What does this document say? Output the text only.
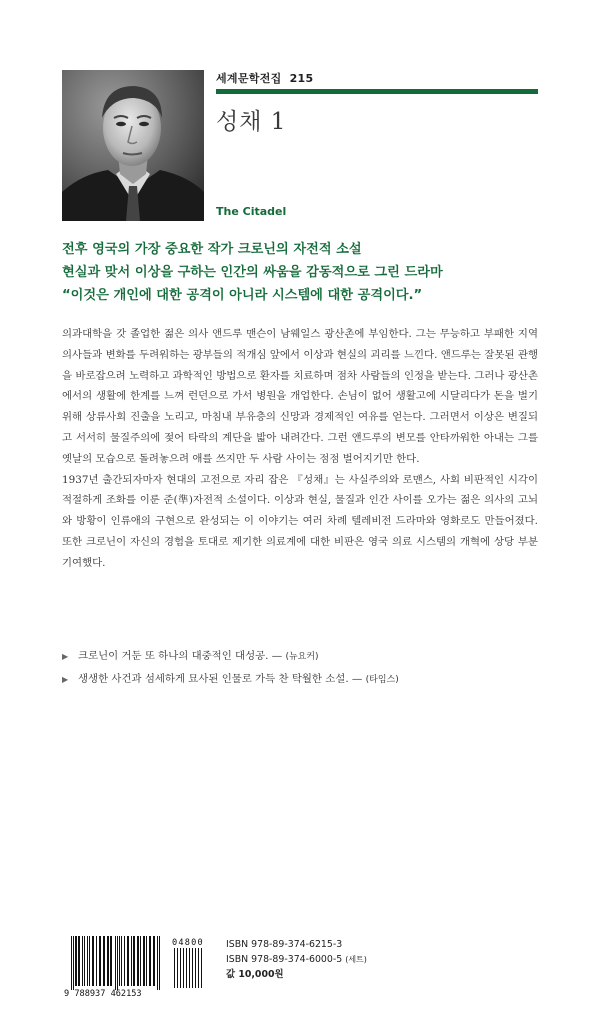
세계문학전집 215
성채 1
The Citadel
전후 영국의 가장 중요한 작가 크로닌의 자전적 소설
현실과 맞서 이상을 구하는 인간의 싸움을 감동적으로 그린 드라마
“이것은 개인에 대한 공격이 아니라 시스템에 대한 공격이다.”

의과대학을 갓 졸업한 젊은 의사 앤드루 맨슨이 남웨일스 광산촌에 부임한다. 그는 무능하고 부패한 지역 의사들과 변화를 두려워하는 광부들의 적개심 앞에서 이상과 현실의 괴리를 느낀다. 앤드루는 잘못된 관행을 바로잡으려 노력하고 과학적인 방법으로 환자를 치료하며 점차 사람들의 인정을 받는다. 그러나 광산촌에서의 생활에 한계를 느껴 런던으로 가서 병원을 개업한다. 손님이 없어 생활고에 시달리다가 돈을 벌기 위해 상류사회 진출을 노리고, 마침내 부유층의 신망과 경제적인 여유를 얻는다. 그러면서 이상은 변질되고 서서히 물질주의에 젖어 타락의 계단을 밟아 내려간다. 그런 앤드루의 변모를 안타까워한 아내는 그를 옛날의 모습으로 돌려놓으려 애를 쓰지만 두 사람 사이는 점점 벌어지기만 한다.

1937년 출간되자마자 현대의 고전으로 자리 잡은 『성채』는 사실주의와 로맨스, 사회 비판적인 시각이 적절하게 조화를 이룬 준(準)자전적 소설이다. 이상과 현실, 물질과 인간 사이를 오가는 젊은 의사의 고뇌와 방황이 인류애의 구현으로 완성되는 이 이야기는 여러 차례 텔레비전 드라마와 영화로도 만들어졌다. 또한 크로닌이 자신의 경험을 토대로 제기한 의료계에 대한 비판은 영국 의료 시스템의 개혁에 상당 부분 기여했다.

▶ 크로닌이 거둔 또 하나의 대중적인 대성공. — (뉴요커)
▶ 생생한 사건과 섬세하게 묘사된 인물로 가득 찬 탁월한 소설. — (타임스)
9 788937 462153
04800 ISBN 978-89-374-6215-3
ISBN 978-89-374-6000-5 (세트)
값 10,000원
